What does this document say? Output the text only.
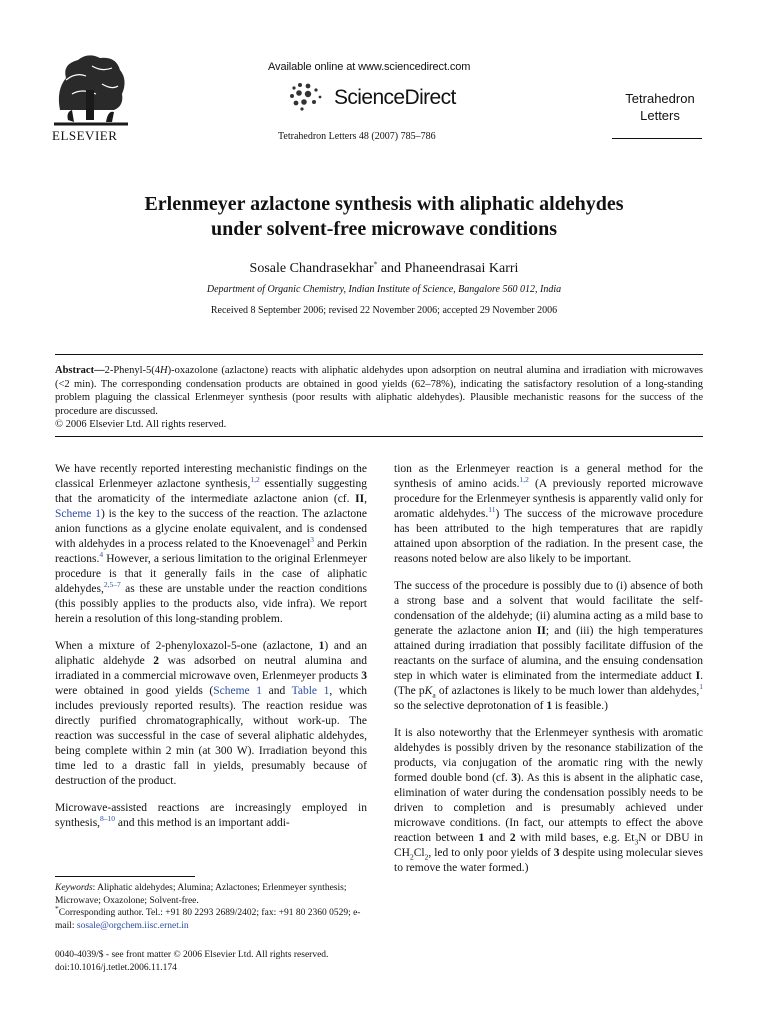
ELSEVIER
Available online at www.sciencedirect.com
ScienceDirect
Tetrahedron Letters 48 (2007) 785–786
Tetrahedron
Letters
Erlenmeyer azlactone synthesis with aliphatic aldehydes
under solvent-free microwave conditions
Sosale Chandrasekhar* and Phaneendrasai Karri
Department of Organic Chemistry, Indian Institute of Science, Bangalore 560 012, India
Received 8 September 2006; revised 22 November 2006; accepted 29 November 2006
Abstract—2-Phenyl-5(4H)-oxazolone (azlactone) reacts with aliphatic aldehydes upon adsorption on neutral alumina and irradiation with microwaves (<2 min). The corresponding condensation products are obtained in good yields (62–78%), indicating the satisfactory resolution of a long-standing problem plaguing the classical Erlenmeyer synthesis (poor results with aliphatic aldehydes). Plausible mechanistic reasons for the success of the procedure are discussed.
© 2006 Elsevier Ltd. All rights reserved.

We have recently reported interesting mechanistic findings on the classical Erlenmeyer azlactone synthesis,$^{1,2}$ essentially suggesting that the aromaticity of the intermediate azlactone anion (cf. II, Scheme 1) is the key to the success of the reaction. The azlactone anion functions as a glycine enolate equivalent, and is condensed with aldehydes in a process related to the Knoevenagel$^3$ and Perkin reactions.$^4$ However, a serious limitation to the original Erlenmeyer procedure is that it generally fails in the case of aliphatic aldehydes,$^{2,5-7}$ as these are unstable under the reaction conditions (this possibly applies to the products also, vide infra). We report herein a resolution of this long-standing problem.

When a mixture of 2-phenyloxazol-5-one (azlactone, 1) and an aliphatic aldehyde 2 was adsorbed on neutral alumina and irradiated in a commercial microwave oven, Erlenmeyer products 3 were obtained in good yields (Scheme 1 and Table 1, which includes previously reported results). The reaction residue was directly purified chromatographically, without work-up. The reaction was successful in the case of several aliphatic aldehydes, being complete within 2 min (at 300 W). Irradiation beyond this time led to a drastic fall in yields, presumably because of destruction of the product.

Microwave-assisted reactions are increasingly employed in synthesis,$^{8-10}$ and this method is an important addi-

tion as the Erlenmeyer reaction is a general method for the synthesis of amino acids.$^{1,2}$ (A previously reported microwave procedure for the Erlenmeyer synthesis is apparently valid only for aromatic aldehydes.$^{11}$) The success of the microwave procedure has been attributed to the high temperatures that are rapidly attained upon absorption of the radiation. In the present case, the reasons noted below are also likely to be important.

The success of the procedure is possibly due to (i) absence of both a strong base and a solvent that would facilitate the self-condensation of the aldehyde; (ii) alumina acting as a mild base to generate the azlactone anion II; and (iii) the high temperatures attained during irradiation that possibly facilitate diffusion of the reactants on the surface of alumina, and the ensuing condensation step in which water is eliminated from the intermediate adduct I. (The $pK_a$ of azlactones is likely to be much lower than aldehydes,$^1$ so the selective deprotonation of 1 is feasible.)

It is also noteworthy that the Erlenmeyer synthesis with aromatic aldehydes is possibly driven by the resonance stabilization of the products, via conjugation of the aromatic ring with the newly formed double bond (cf. 3). As this is absent in the aliphatic case, elimination of water during the condensation possibly needs to be driven to completion and is presumably achieved under microwave conditions. (In fact, our attempts to effect the above reaction between 1 and 2 with mild bases, e.g. $Et_3N$ or DBU in $CH_2Cl_2$, led to only poor yields of 3 despite using molecular sieves to remove the water formed.)

Keywords: Aliphatic aldehydes; Alumina; Azlactones; Erlenmeyer synthesis; Microwave; Oxazolone; Solvent-free.
*Corresponding author. Tel.: +91 80 2293 2689/2402; fax: +91 80 2360 0529; e-mail: sosale@orgchem.iisc.ernet.in
0040-4039/$ - see front matter © 2006 Elsevier Ltd. All rights reserved.
doi:10.1016/j.tetlet.2006.11.174
